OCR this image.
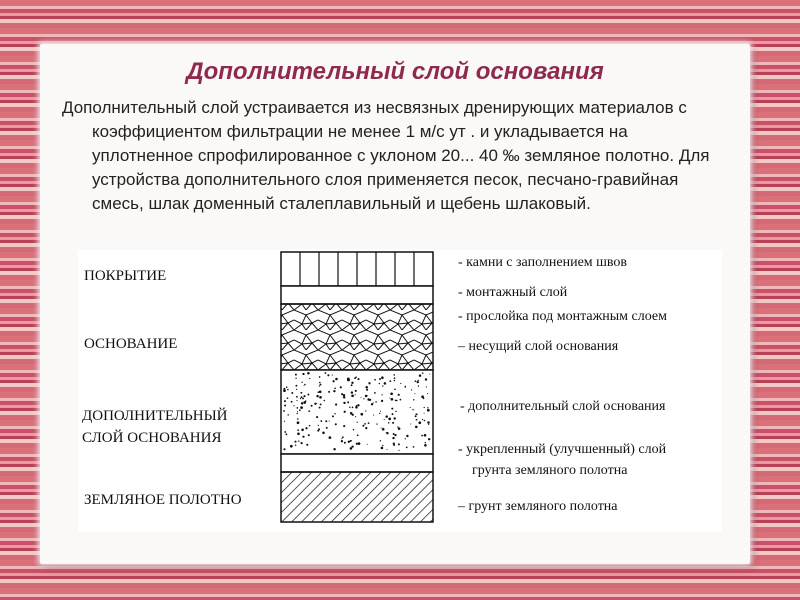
Дополнительный слой основания
Дополнительный слой устраивается из несвязных дренирующих материалов с коэффициентом фильтрации не менее 1 м/с ут . и укладывается на уплотненное спрофилированное с уклоном 20... 40 ‰ земляное полотно. Для устройства дополнительного слоя применяется песок, песчано-гравийная смесь, шлак доменный сталеплавильный и щебень шлаковый.
ПОКРЫТИЕ
ОСНОВАНИЕ
ДОПОЛНИТЕЛЬНЫЙ
СЛОЙ ОСНОВАНИЯ
ЗЕМЛЯНОЕ ПОЛОТНО
- камни с заполнением швов
- монтажный слой
- прослойка под монтажным слоем
– несущий слой основания
- дополнительный слой основания
- укрепленный (улучшенный) слой
грунта земляного полотна
– грунт земляного полотна
